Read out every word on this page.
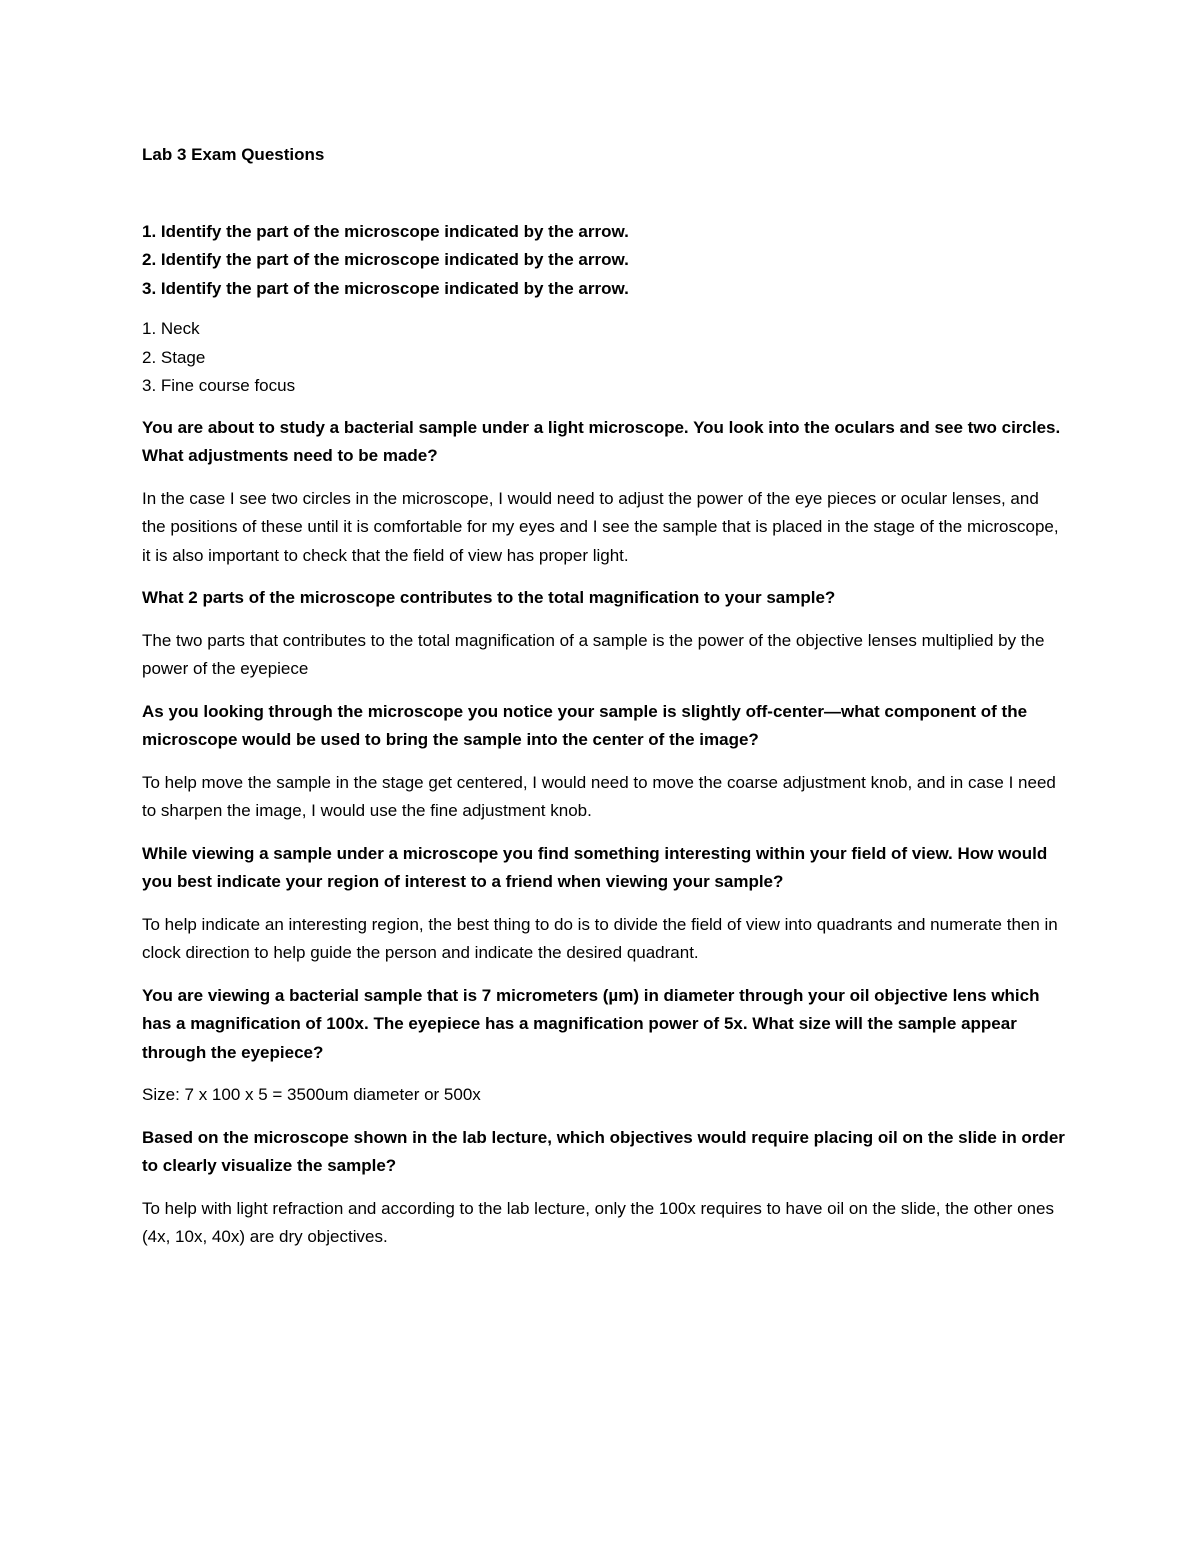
Lab 3 Exam Questions

1. Identify the part of the microscope indicated by the arrow.
2. Identify the part of the microscope indicated by the arrow.
3. Identify the part of the microscope indicated by the arrow.
1. Neck
2. Stage
3. Fine course focus

You are about to study a bacterial sample under a light microscope. You look into the oculars and see two circles. What adjustments need to be made?

In the case I see two circles in the microscope, I would need to adjust the power of the eye pieces or ocular lenses, and the positions of these until it is comfortable for my eyes and I see the sample that is placed in the stage of the microscope, it is also important to check that the field of view has proper light.

What 2 parts of the microscope contributes to the total magnification to your sample?

The two parts that contributes to the total magnification of a sample is the power of the objective lenses multiplied by the power of the eyepiece

As you looking through the microscope you notice your sample is slightly off-center—what component of the microscope would be used to bring the sample into the center of the image?

To help move the sample in the stage get centered, I would need to move the coarse adjustment knob, and in case I need to sharpen the image, I would use the fine adjustment knob.

While viewing a sample under a microscope you find something interesting within your field of view. How would you best indicate your region of interest to a friend when viewing your sample?

To help indicate an interesting region, the best thing to do is to divide the field of view into quadrants and numerate then in clock direction to help guide the person and indicate the desired quadrant.

You are viewing a bacterial sample that is 7 micrometers (µm) in diameter through your oil objective lens which has a magnification of 100x. The eyepiece has a magnification power of 5x. What size will the sample appear through the eyepiece?

Size: 7 x 100 x 5 = 3500um diameter or 500x

Based on the microscope shown in the lab lecture, which objectives would require placing oil on the slide in order to clearly visualize the sample?

To help with light refraction and according to the lab lecture, only the 100x requires to have oil on the slide, the other ones (4x, 10x, 40x) are dry objectives.
